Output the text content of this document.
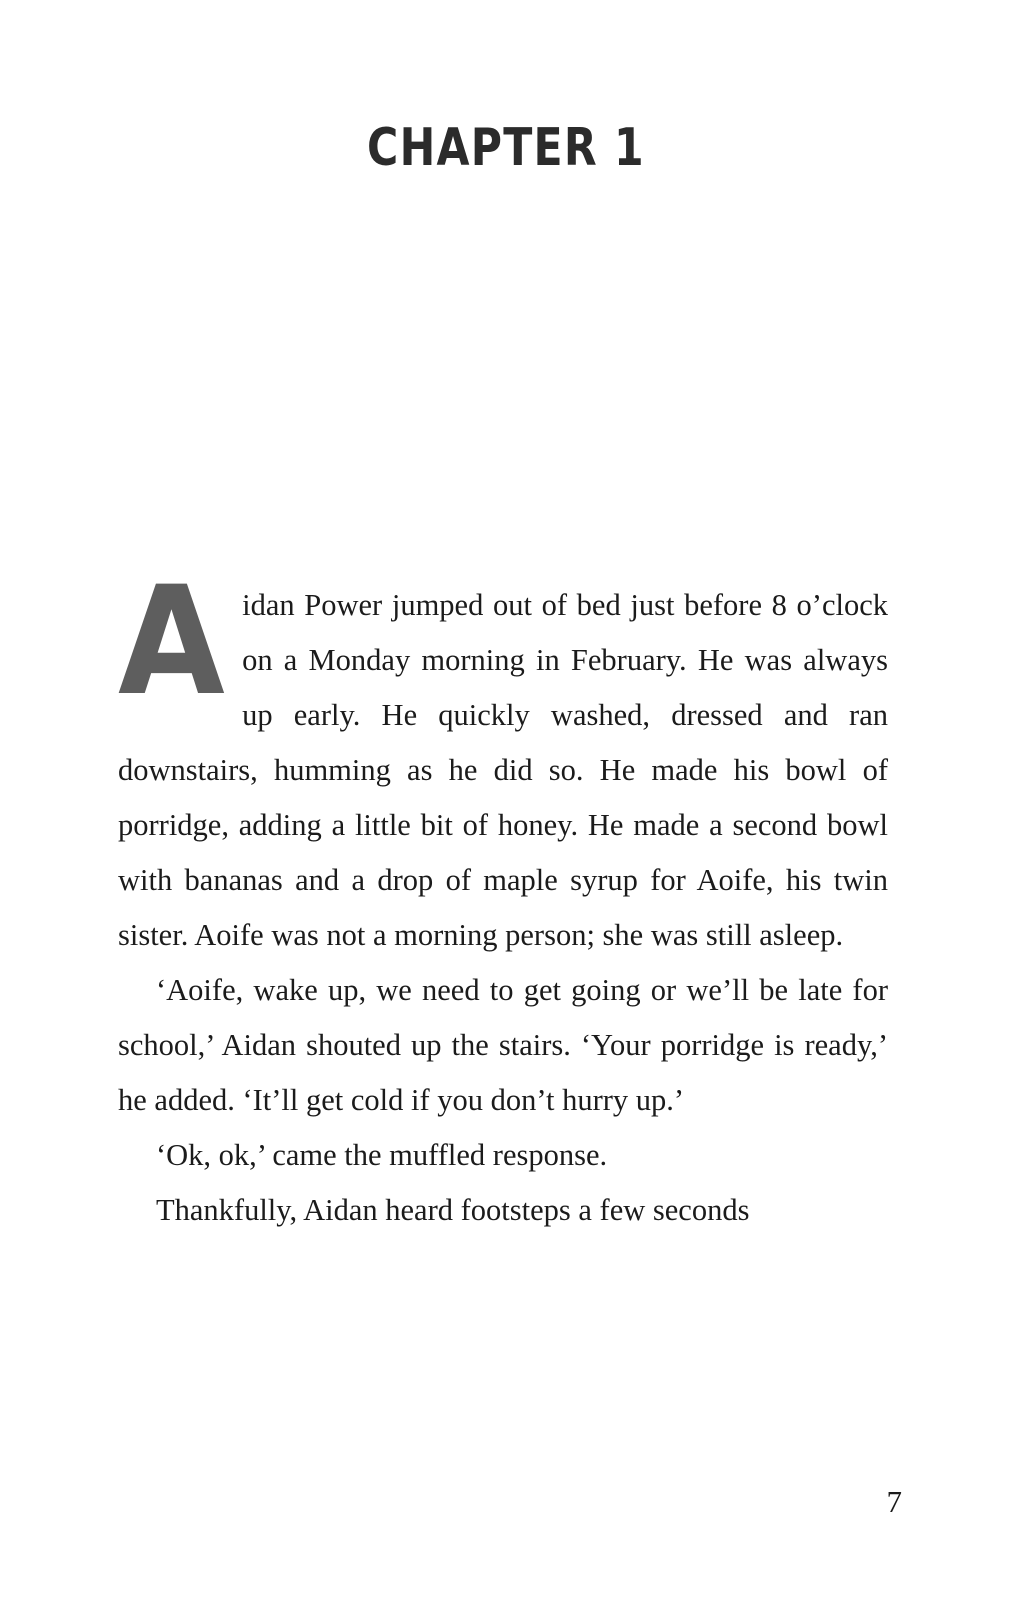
CHAPTER 1

Aidan Power jumped out of bed just before 8 o’clock on a Monday morning in February. He was always up early. He quickly washed, dressed and ran downstairs, humming as he did so. He made his bowl of porridge, adding a little bit of honey. He made a second bowl with bananas and a drop of maple syrup for Aoife, his twin sister. Aoife was not a morning person; she was still asleep.

‘Aoife, wake up, we need to get going or we’ll be late for school,’ Aidan shouted up the stairs. ‘Your porridge is ready,’ he added. ‘It’ll get cold if you don’t hurry up.’

‘Ok, ok,’ came the muffled response.

Thankfully, Aidan heard footsteps a few seconds

7
